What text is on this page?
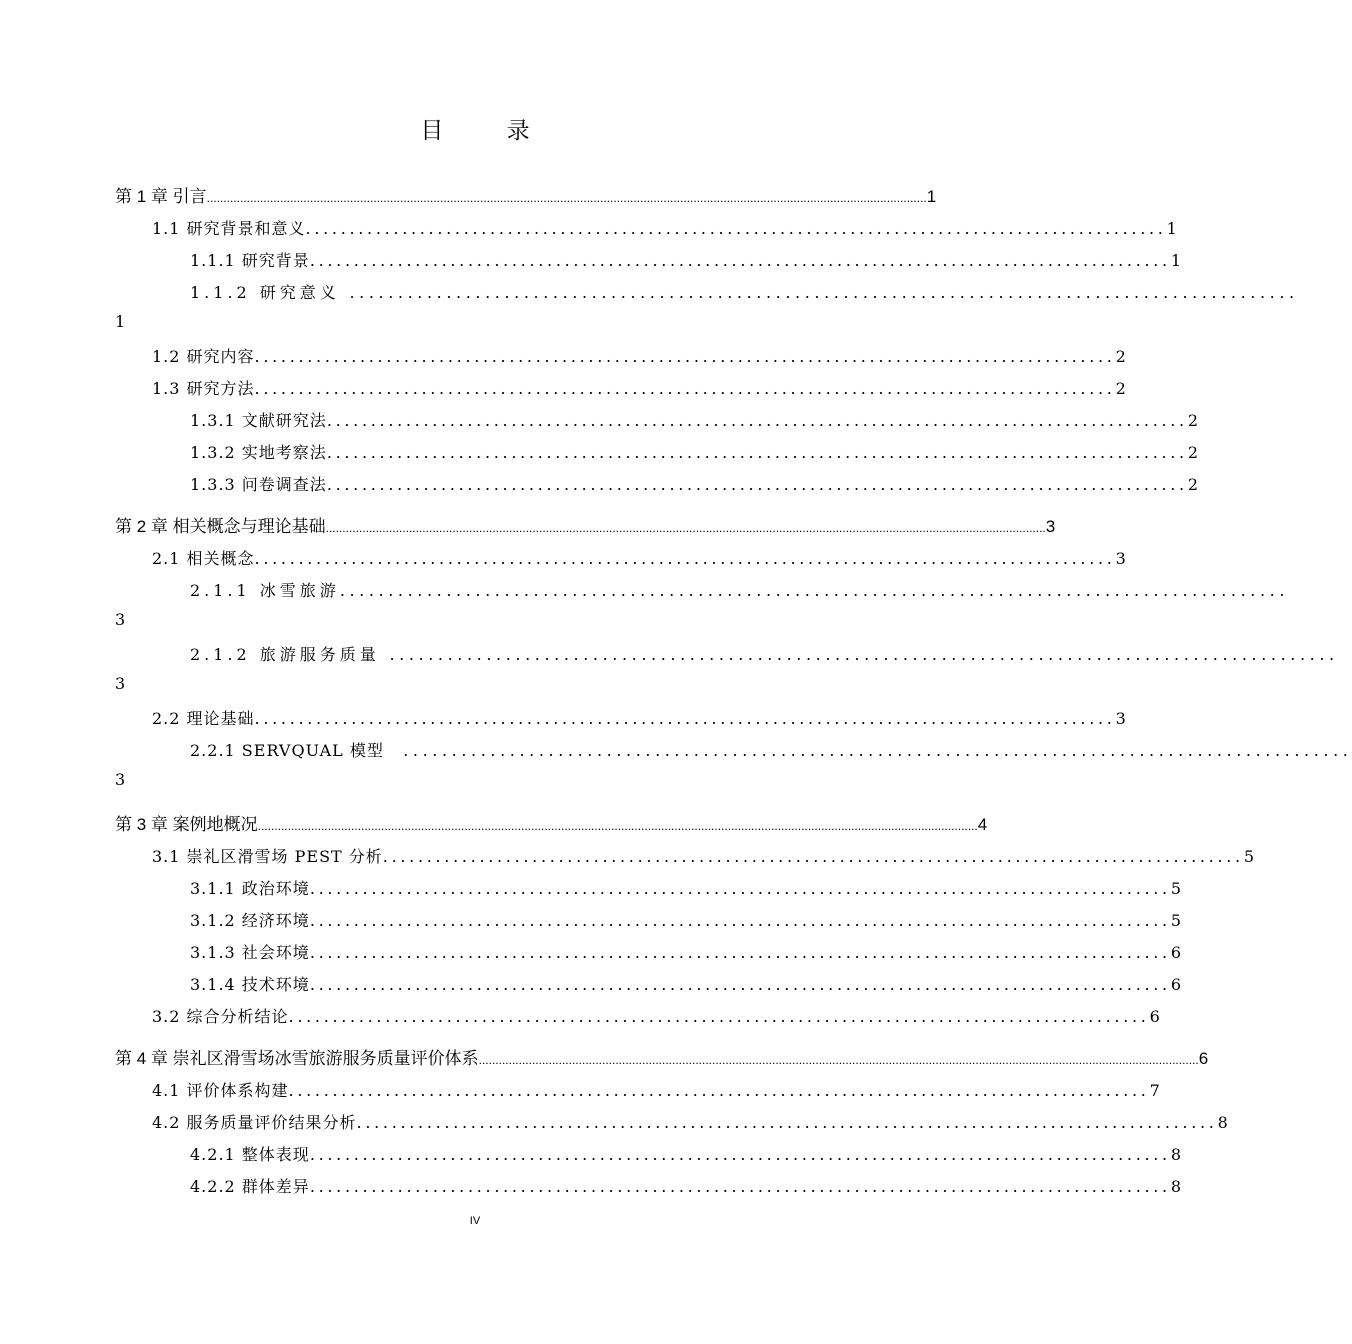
目 录
第 1 章 引言 ........................................................................................................................................................................................................................ 1
1.1 研究背景和意义 .................................................................................................. 1
1.1.1 研究背景 .................................................................................................. 1
1.1.2 研究意义 ..................................................................................................
1
1.2 研究内容 .................................................................................................. 2
1.3 研究方法 .................................................................................................. 2
1.3.1 文献研究法 .................................................................................................. 2
1.3.2 实地考察法 .................................................................................................. 2
1.3.3 问卷调查法 .................................................................................................. 2
第 2 章 相关概念与理论基础 ........................................................................................................................................................................................................................ 3
2.1 相关概念 .................................................................................................. 3
2.1.1 冰雪旅游 ..................................................................................................
3
2.1.2 旅游服务质量 ..................................................................................................
3
2.2 理论基础 .................................................................................................. 3
2.2.1 SERVQUAL 模型 ..................................................................................................
3
第 3 章 案例地概况 ........................................................................................................................................................................................................................ 4
3.1 崇礼区滑雪场 PEST 分析 .................................................................................................. 5
3.1.1 政治环境 .................................................................................................. 5
3.1.2 经济环境 .................................................................................................. 5
3.1.3 社会环境 .................................................................................................. 6
3.1.4 技术环境 .................................................................................................. 6
3.2 综合分析结论 .................................................................................................. 6
第 4 章 崇礼区滑雪场冰雪旅游服务质量评价体系 ........................................................................................................................................................................................................................ 6
4.1 评价体系构建 .................................................................................................. 7
4.2 服务质量评价结果分析 .................................................................................................. 8
4.2.1 整体表现 .................................................................................................. 8
4.2.2 群体差异 .................................................................................................. 8
IV
